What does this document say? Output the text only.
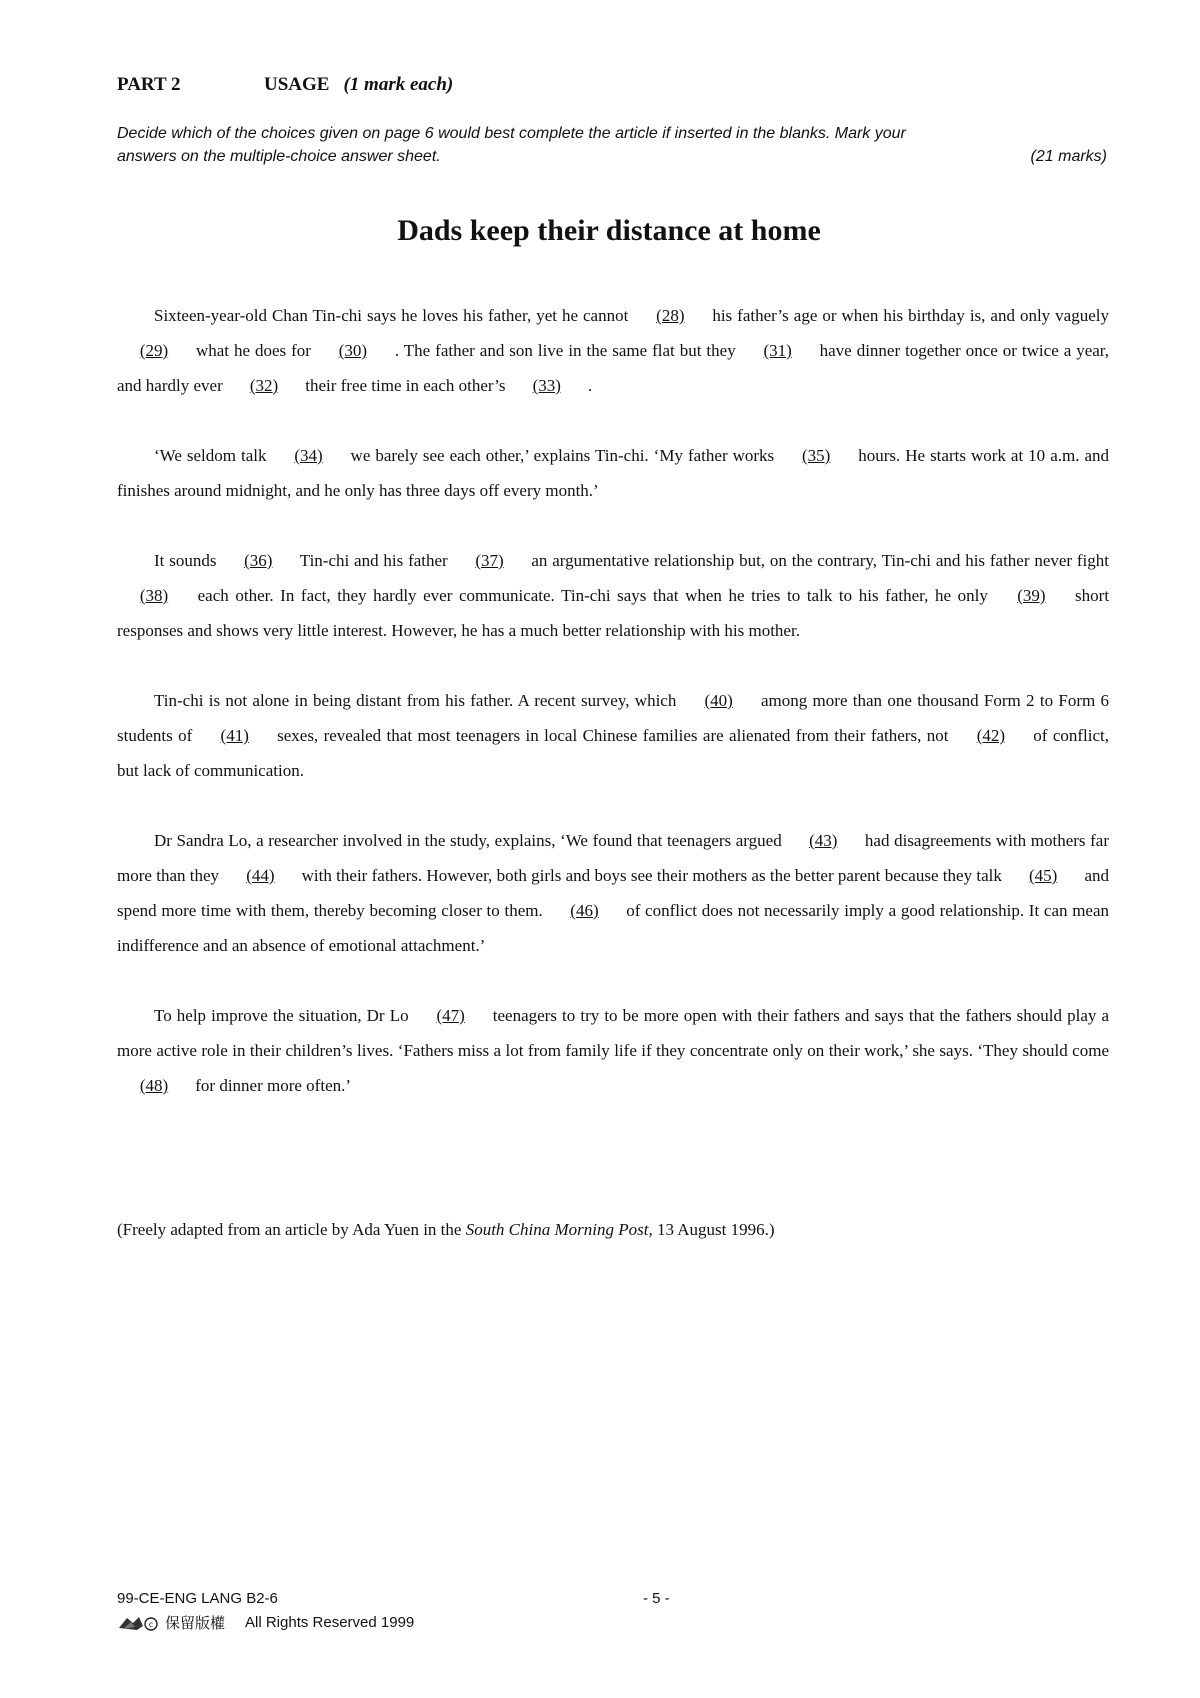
PART 2	USAGE (1 mark each)
Decide which of the choices given on page 6 would best complete the article if inserted in the blanks. Mark your
answers on the multiple-choice answer sheet.	(21 marks)
Dads keep their distance at home

Sixteen-year-old Chan Tin-chi says he loves his father, yet he cannot (28) his father’s age or when his birthday is, and only vaguely (29) what he does for (30) . The father and son live in the same flat but they (31) have dinner together once or twice a year, and hardly ever (32) their free time in each other’s (33) .

‘We seldom talk (34) we barely see each other,’ explains Tin-chi. ‘My father works (35) hours. He starts work at 10 a.m. and finishes around midnight, and he only has three days off every month.’

It sounds (36) Tin-chi and his father (37) an argumentative relationship but, on the contrary, Tin-chi and his father never fight (38) each other. In fact, they hardly ever communicate. Tin-chi says that when he tries to talk to his father, he only (39) short responses and shows very little interest. However, he has a much better relationship with his mother.

Tin-chi is not alone in being distant from his father. A recent survey, which (40) among more than one thousand Form 2 to Form 6 students of (41) sexes, revealed that most teenagers in local Chinese families are alienated from their fathers, not (42) of conflict, but lack of communication.

Dr Sandra Lo, a researcher involved in the study, explains, ‘We found that teenagers argued (43) had disagreements with mothers far more than they (44) with their fathers. However, both girls and boys see their mothers as the better parent because they talk (45) and spend more time with them, thereby becoming closer to them. (46) of conflict does not necessarily imply a good relationship. It can mean indifference and an absence of emotional attachment.’

To help improve the situation, Dr Lo (47) teenagers to try to be more open with their fathers and says that the fathers should play a more active role in their children’s lives. ‘Fathers miss a lot from family life if they concentrate only on their work,’ she says. ‘They should come (48) for dinner more often.’

(Freely adapted from an article by Ada Yuen in the South China Morning Post, 13 August 1996.)
99-CE-ENG LANG B2-6	- 5 -
c 保留版權 All Rights Reserved 1999
